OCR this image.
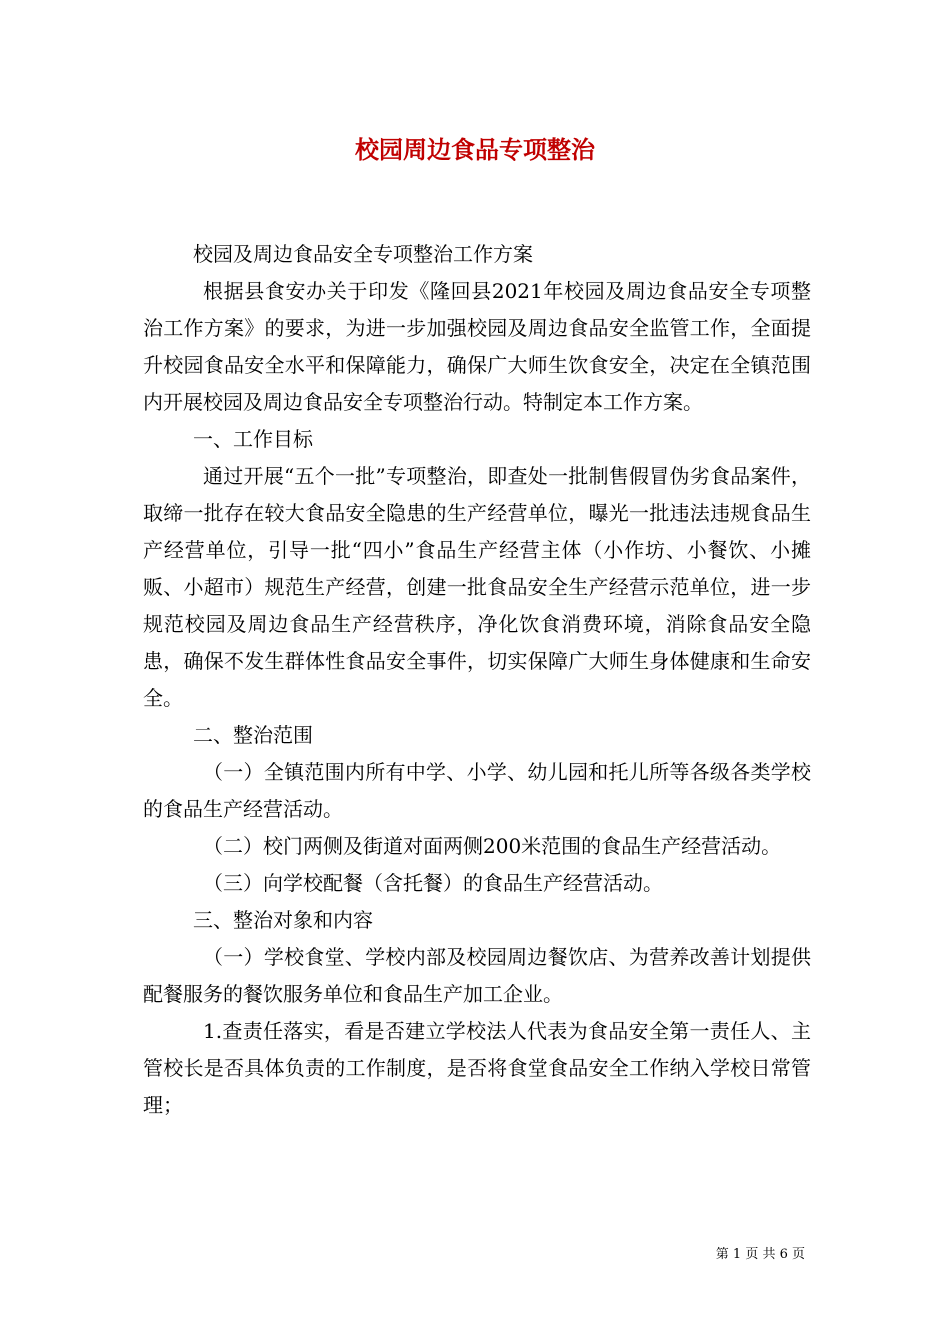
校园周边食品专项整治

校园及周边食品安全专项整治工作方案

根据县食安办关于印发《隆回县2021年校园及周边食品安全专项整治工作方案》的要求，为进一步加强校园及周边食品安全监管工作，全面提升校园食品安全水平和保障能力，确保广大师生饮食安全，决定在全镇范围内开展校园及周边食品安全专项整治行动。特制定本工作方案。

一、工作目标

通过开展“五个一批”专项整治，即查处一批制售假冒伪劣食品案件，取缔一批存在较大食品安全隐患的生产经营单位，曝光一批违法违规食品生产经营单位，引导一批“四小”食品生产经营主体（小作坊、小餐饮、小摊贩、小超市）规范生产经营，创建一批食品安全生产经营示范单位，进一步规范校园及周边食品生产经营秩序，净化饮食消费环境，消除食品安全隐患，确保不发生群体性食品安全事件，切实保障广大师生身体健康和生命安全。

二、整治范围

（一）全镇范围内所有中学、小学、幼儿园和托儿所等各级各类学校的食品生产经营活动。

（二）校门两侧及街道对面两侧200米范围的食品生产经营活动。

（三）向学校配餐（含托餐）的食品生产经营活动。

三、整治对象和内容

（一）学校食堂、学校内部及校园周边餐饮店、为营养改善计划提供配餐服务的餐饮服务单位和食品生产加工企业。

1.查责任落实，看是否建立学校法人代表为食品安全第一责任人、主管校长是否具体负责的工作制度，是否将食堂食品安全工作纳入学校日常管理；

第 1 页 共 6 页
